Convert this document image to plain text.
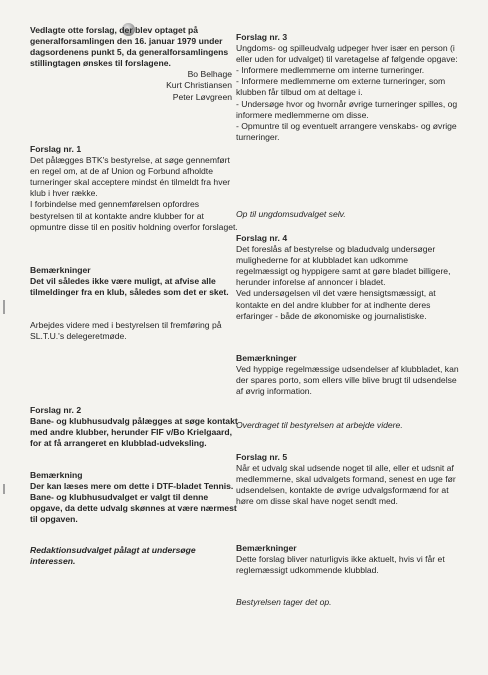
Vedlagte otte forslag, der blev optaget på generalforsamlingen den 16. januar 1979 under dagsordenens punkt 5, da generalforsamlingens stillingtagen ønskes til forslagene.

Bo Belhage

Kurt Christiansen

Peter Løvgreen

Forslag nr. 1

Det pålægges BTK's bestyrelse, at søge gennemført en regel om, at de af Union og Forbund afholdte turneringer skal acceptere mindst én tilmeldt fra hver klub i hver række.

I forbindelse med gennemførelsen opfordres bestyrelsen til at kontakte andre klubber for at opmuntre disse til en positiv holdning overfor forslaget.

Bemærkninger

Det vil således ikke være muligt, at afvise alle tilmeldinger fra en klub, således som det er sket.

Arbejdes videre med i bestyrelsen til fremføring på SL.T.U.'s delegeretmøde.

Forslag nr. 2

Bane- og klubhusudvalg pålægges at søge kontakt med andre klubber, herunder FIF v/Bo Krielgaard, for at få arrangeret en klubblad-udveksling.

Bemærkning

Der kan læses mere om dette i DTF-bladet Tennis.

Bane- og klubhusudvalget er valgt til denne opgave, da dette udvalg skønnes at være nærmest til opgaven.

Redaktionsudvalget pålagt at undersøge interessen.

Forslag nr. 3

Ungdoms- og spilleudvalg udpeger hver især en person (i eller uden for udvalget) til varetagelse af følgende opgave:

- Informere medlemmerne om interne turneringer.

- Informere medlemmerne om externe turneringer, som klubben får tilbud om at deltage i.

- Undersøge hvor og hvornår øvrige turneringer spilles, og informere medlemmerne om disse.

- Opmuntre til og eventuelt arrangere venskabs- og øvrige turneringer.

Op til ungdomsudvalget selv.

Forslag nr. 4

Det foreslås af bestyrelse og bladudvalg undersøger mulighederne for at klubbladet kan udkomme regelmæssigt og hyppigere samt at gøre bladet billigere, herunder inforelse af annoncer i bladet.

Ved undersøgelsen vil det være hensigtsmæssigt, at kontakte en del andre klubber for at indhente deres erfaringer - både de økonomiske og journalistiske.

Bemærkninger

Ved hyppige regelmæssige udsendelser af klubbladet, kan der spares porto, som ellers ville blive brugt til udsendelse af øvrig information.

Overdraget til bestyrelsen at arbejde videre.

Forslag nr. 5

Når et udvalg skal udsende noget til alle, eller et udsnit af medlemmerne, skal udvalgets formand, senest en uge før udsendelsen, kontakte de øvrige udvalgsformænd for at høre om disse skal have noget sendt med.

Bemærkninger

Dette forslag bliver naturligvis ikke aktuelt, hvis vi får et reglemæssigt udkommende klubblad.

Bestyrelsen tager det op.
